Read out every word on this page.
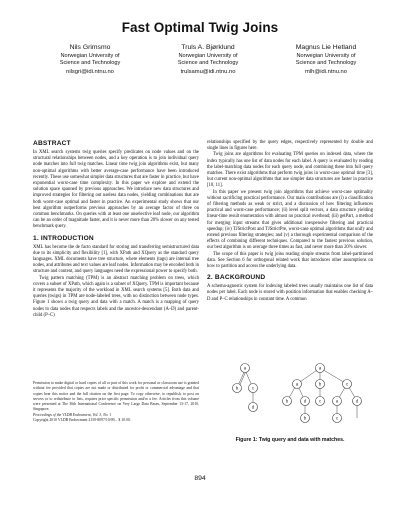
Fast Optimal Twig Joins
Nils Grimsmo
Norwegian University of
Science and Technology
nilsgri@idi.ntnu.no
Truls A. Bjørklund
Norwegian University of
Science and Technology
trulsamu@idi.ntnu.no
Magnus Lie Hetland
Norwegian University of
Science and Technology
mlh@idi.ntnu.no
ABSTRACT

In XML search systems twig queries specify predicates on node values and on the structural relationships between nodes, and a key operation is to join individual query node matches into full twig matches. Linear time twig join algorithms exist, but many non-optimal algorithms with better average-case performance have been introduced recently. These use somewhat simpler data structures that are faster in practice, but have exponential worst-case time complexity. In this paper we explore and extend the solution space spanned by previous approaches. We introduce new data structures and improved strategies for filtering out useless data nodes, yielding combinations that are both worst-case optimal and faster in practice. An experimental study shows that our best algorithm outperforms previous approaches by an average factor of three on common benchmarks. On queries with at least one unselective leaf node, our algorithm can be an order of magnitude faster, and it is never more than 20% slower on any tested benchmark query.

1. INTRODUCTION

XML has become the de facto standard for storing and transferring semistructured data due to its simplicity and flexibility [1], with XPath and XQuery as the standard query languages. XML documents have tree structure, where elements (tags) are internal tree nodes, and attributes and text values are leaf nodes. Information may be encoded both in structure and content, and query languages need the expressional power to specify both.

Twig pattern matching (TPM) is an abstract matching problem on trees, which covers a subset of XPath, which again is a subset of XQuery. TPM is important because it represents the majority of the workload in XML search systems [5]. Both data and queries (twigs) in TPM are node-labeled trees, with no distinction between node types. Figure 1 shows a twig query and data with a match. A match is a mapping of query nodes to data nodes that respects labels and the ancestor-descendant (A–D) and parent-child (P–C)

Permission to make digital or hard copies of all or part of this work for personal or classroom use is granted without fee provided that copies are not made or distributed for profit or commercial advantage and that copies bear this notice and the full citation on the first page. To copy otherwise, to republish, to post on servers or to redistribute to lists, requires prior specific permission and/or a fee. Articles from this volume were presented at The 36th International Conference on Very Large Data Bases, September 13-17, 2010, Singapore.
Proceedings of the VLDB Endowment, Vol. 3, No. 1
Copyright 2010 VLDB Endowment 2150-8097/10/09... $ 10.00.

relationships specified by the query edges, respectively represented by double and single lines in figures here.

Twig joins are algorithms for evaluating TPM queries on indexed data, where the index typically has one list of data nodes for each label. A query is evaluated by reading the label-matching data nodes for each query node, and combining these into full query matches. There exist algorithms that perform twig joins in worst-case optimal time [3], but current non-optimal algorithms that use simpler data structures are faster in practice [10, 11].

In this paper we present twig join algorithms that achieve worst-case optimality without sacrificing practical performance. Our main contributions are (i) a classification of filtering methods as weak or strict, and a discussion of how filtering influences practical and worst-case performance; (ii) level split vectors, a data structure yielding linear-time result enumeration with almost no practical overhead; (iii) getPart, a method for merging input streams that gives additional inexpensive filtering and practical speedup; (iv) TJStrictPost and TJStrictPre, worst-case optimal algorithms that unify and extend previous filtering strategies; and (v) a thorough experimental comparison of the effects of combining different techniques. Compared to the fastest previous solution, our best algorithm is on average three times as fast, and never more than 20% slower.

The scope of this paper is twig joins reading simple streams from label-partitioned data. See Section 6 for orthogonal related work that introduces other assumptions on how to partition and access the underlying data.

2. BACKGROUND

A schema-agnostic system for indexing labeled trees usually maintains one list of data nodes per label. Each node is stored with position information that enables checking A–D and P–C relationships in constant time. A common

a
b	c
d
a
a	b	c
b	d	c	a	d
b	c
Figure 1: Twig query and data with matches.
894
